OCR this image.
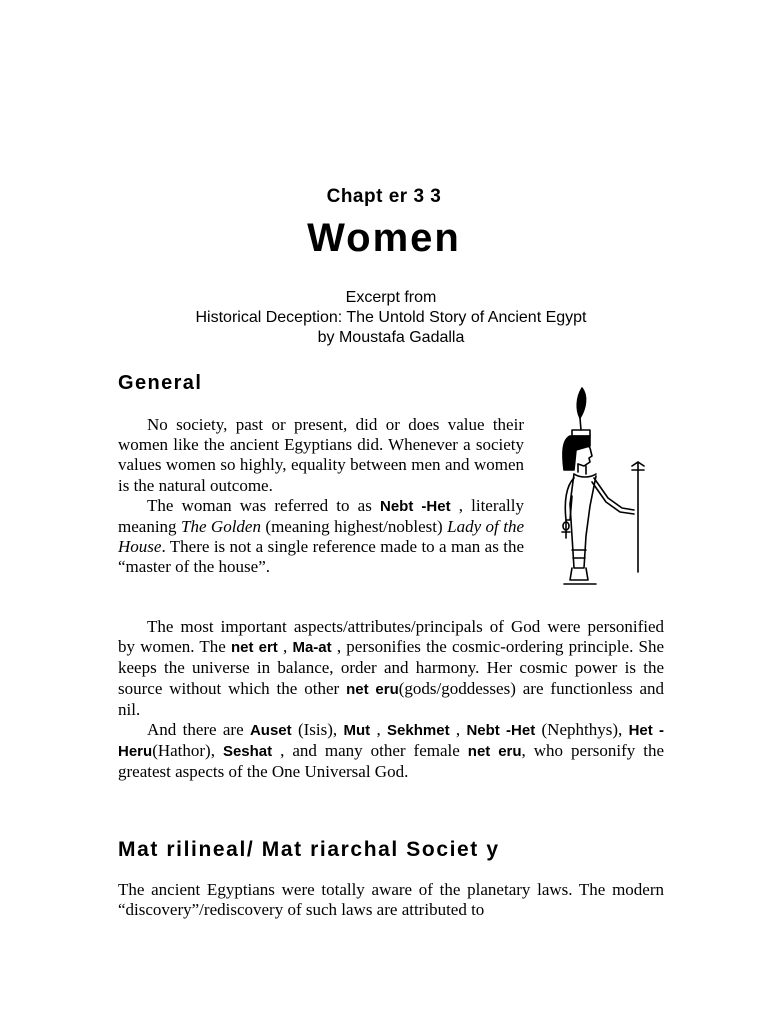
Chapt er 3 3
Women
Excerpt from
Historical Deception: The Untold Story of Ancient Egypt
by Moustafa Gadalla
General

No society, past or present, did or does value their women like the ancient Egyptians did. Whenever a society values women so highly, equality between men and women is the natural outcome.
The woman was referred to as Nebt -Het , literally meaning The Golden (meaning highest/noblest) Lady of the House. There is not a single reference made to a man as the “master of the house”.

The most important aspects/attributes/principals of God were personified by women. The net ert , Ma-at , personifies the cosmic-ordering principle. She keeps the universe in balance, order and harmony. Her cosmic power is the source without which the other net eru(gods/goddesses) are functionless and nil.
And there are Auset (Isis), Mut , Sekhmet , Nebt -Het (Nephthys), Het -Heru(Hathor), Seshat , and many other female net eru, who personify the greatest aspects of the One Universal God.

Mat rilineal/ Mat riarchal Societ y

The ancient Egyptians were totally aware of the planetary laws. The modern “discovery”/rediscovery of such laws are attributed to
